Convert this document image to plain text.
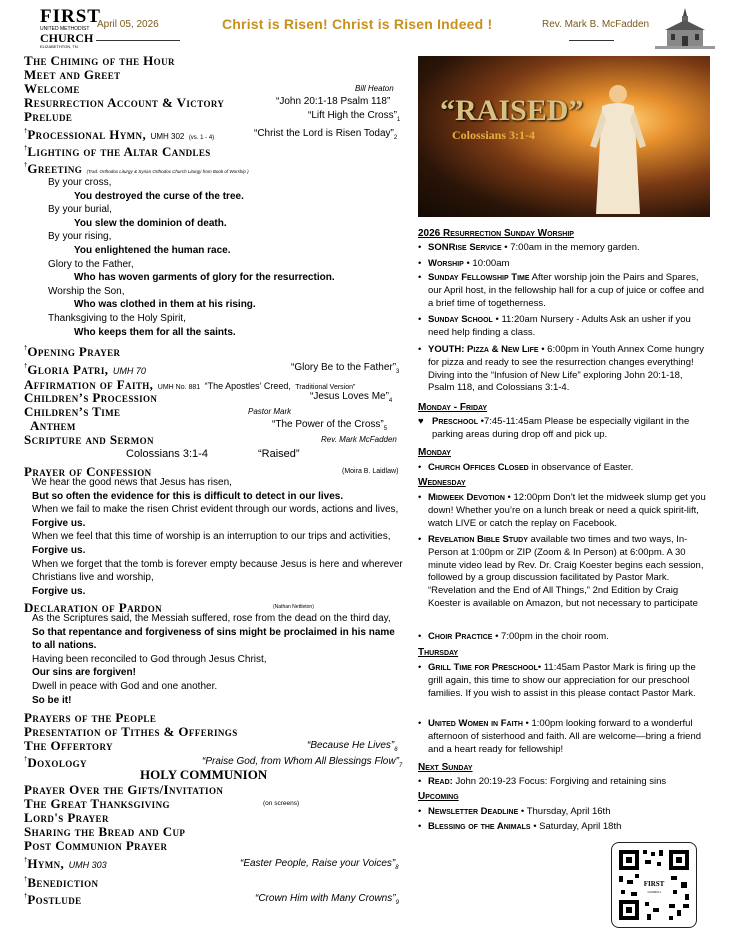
FIRST
UNITED METHODIST
CHURCH
ELIZABETHTON, TN
April 05, 2026	Christ is Risen! Christ is Risen Indeed !	Rev. Mark B. McFadden
The Chiming of the Hour
Meet and Greet
Welcome	Bill Heaton
Resurrection Account & Victory	“John 20:1-18 Psalm 118”
Prelude	“Lift High the $Cross”_1$
†Processional Hymn, UMH 302 (vs. 1 - 4)	“Christ the Lord is Risen $Today”_2$
†Lighting of the Altar Candles
†Greeting (Trad. Orthodox Liturgy & Syrian Orthodox Church Liturgy from Book of Worship )
By your cross,
You destroyed the curse of the tree.
By your burial,
You slew the dominion of death.
By your rising,
You enlightened the human race.
Glory to the Father,
Who has woven garments of glory for the resurrection.
Worship the Son,
Who was clothed in them at his rising.
Thanksgiving to the Holy Spirit,
Who keeps them for all the saints.
†Opening Prayer
†Gloria Patri, UMH 70	“Glory Be to the $Father”_3$
Affirmation of Faith, UMH No. 881 “The Apostles’ Creed, Traditional Version”
Children’s Procession	“Jesus Loves $Me”_4$
Children’s Time	Pastor Mark
Anthem	“The Power of the $Cross”_5$
Scripture and Sermon	Rev. Mark McFadden
Colossians 3:1-4	“Raised”
Prayer of Confession	(Moira B. Laidlaw)
We hear the good news that Jesus has risen,
But so often the evidence for this is difficult to detect in our lives.
When we fail to make the risen Christ evident through our words, actions and lives,
Forgive us.
When we feel that this time of worship is an interruption to our trips and activities,
Forgive us.
When we forget that the tomb is forever empty because Jesus is here and wherever
Christians live and worship,
Forgive us.
Declaration of Pardon	(Nathan Nettleton)
As the Scriptures said, the Messiah suffered, rose from the dead on the third day,
So that repentance and forgiveness of sins might be proclaimed in his name
to all nations.
Having been reconciled to God through Jesus Christ,
Our sins are forgiven!
Dwell in peace with God and one another.
So be it!
Prayers of the People
Presentation of Tithes & Offerings
The Offertory	“Because He $Lives”_6$
†Doxology	“Praise God, from Whom All Blessings $Flow”_7$
HOLY COMMUNION
Prayer Over the Gifts/Invitation
The Great Thanksgiving	(on screens)
Lord's Prayer
Sharing the Bread and Cup
Post Communion Prayer
†Hymn, UMH 303	“Easter People, Raise your $Voices”_8$
†Benediction
†Postlude	“Crown Him with Many $Crowns”_9$
“RAISED”
Colossians 3:1-4
2026 Resurrection Sunday Worship
• SONRise Service • 7:00am in the memory garden.
• Worship • 10:00am
• Sunday Fellowship Time After worship join the Pairs and Spares, our April host, in the fellowship hall for a cup of juice or coffee and a brief time of togetherness.
• Sunday School • 11:20am Nursery - Adults Ask an usher if you need help finding a class.
• YOUTH: Pizza & New Life • 6:00pm in Youth Annex Come hungry for pizza and ready to see the resurrection changes everything! Diving into the “Infusion of New Life” exploring John 20:1-18, Psalm 118, and Colossians 3:1-4.
Monday - Friday
♥ Preschool •7:45-11:45am Please be especially vigilant in the parking areas during drop off and pick up.
Monday
• Church Offices Closed in observance of Easter.
Wednesday
• Midweek Devotion • 12:00pm Don’t let the midweek slump get you down! Whether you’re on a lunch break or need a quick spirit-lift, watch LIVE or catch the replay on Facebook.
• Revelation Bible Study available two times and two ways, In-Person at 1:00pm or ZIP (Zoom & In Person) at 6:00pm. A 30 minute video lead by Rev. Dr. Craig Koester begins each session, followed by a group discussion facilitated by Pastor Mark. “Revelation and the End of All Things,” 2nd Edition by Craig Koester is available on Amazon, but not necessary to participate
• Choir Practice • 7:00pm in the choir room.
Thursday
• Grill Time for Preschool• 11:45am Pastor Mark is firing up the grill again, this time to show our appreciation for our preschool families. If you wish to assist in this please contact Pastor Mark.
• United Women in Faith • 1:00pm looking forward to a wonderful afternoon of sisterhood and faith. All are welcome—bring a friend and a heart ready for fellowship!
Next Sunday
• Read: John 20:19-23 Focus: Forgiving and retaining sins
Upcoming
• Newsletter Deadline • Thursday, April 16th
• Blessing of the Animals • Saturday, April 18th
FIRST
CHURCH
